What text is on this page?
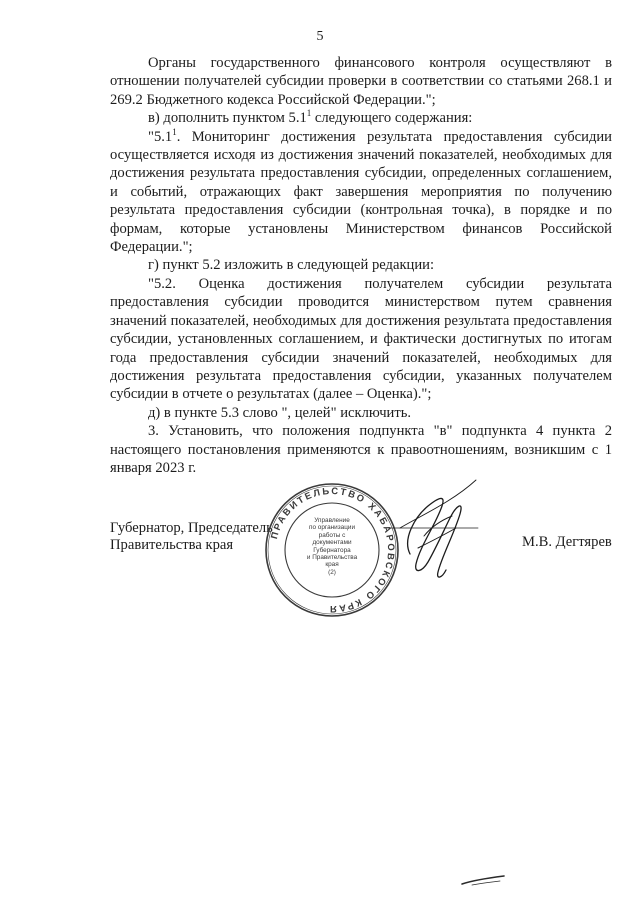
5

Органы государственного финансового контроля осуществляют в отношении получателей субсидии проверки в соответствии со статьями 268.1 и 269.2 Бюджетного кодекса Российской Федерации.";

в) дополнить пунктом $5.1^1$ следующего содержания:

"$5.1^1$. Мониторинг достижения результата предоставления субсидии осуществляется исходя из достижения значений показателей, необходимых для достижения результата предоставления субсидии, определенных соглашением, и событий, отражающих факт завершения мероприятия по получению результата предоставления субсидии (контрольная точка), в порядке и по формам, которые установлены Министерством финансов Российской Федерации.";

г) пункт 5.2 изложить в следующей редакции:

"5.2. Оценка достижения получателем субсидии результата предоставления субсидии проводится министерством путем сравнения значений показателей, необходимых для достижения результата предоставления субсидии, установленных соглашением, и фактически достигнутых по итогам года предоставления субсидии значений показателей, необходимых для достижения результата предоставления субсидии, указанных получателем субсидии в отчете о результатах (далее – Оценка).";

д) в пункте 5.3 слово ", целей" исключить.

3. Установить, что положения подпункта "в" подпункта 4 пункта 2 настоящего постановления применяются к правоотношениям, возникшим с 1 января 2023 г.

Губернатор, Председатель
Правительства края
ПРАВИТЕЛЬСТВО ХАБАРОВСКОГО КРАЯ
Управление
по организации
работы с документами
Губернатора
и Правительства
края
(2)
М.В. Дегтярев
